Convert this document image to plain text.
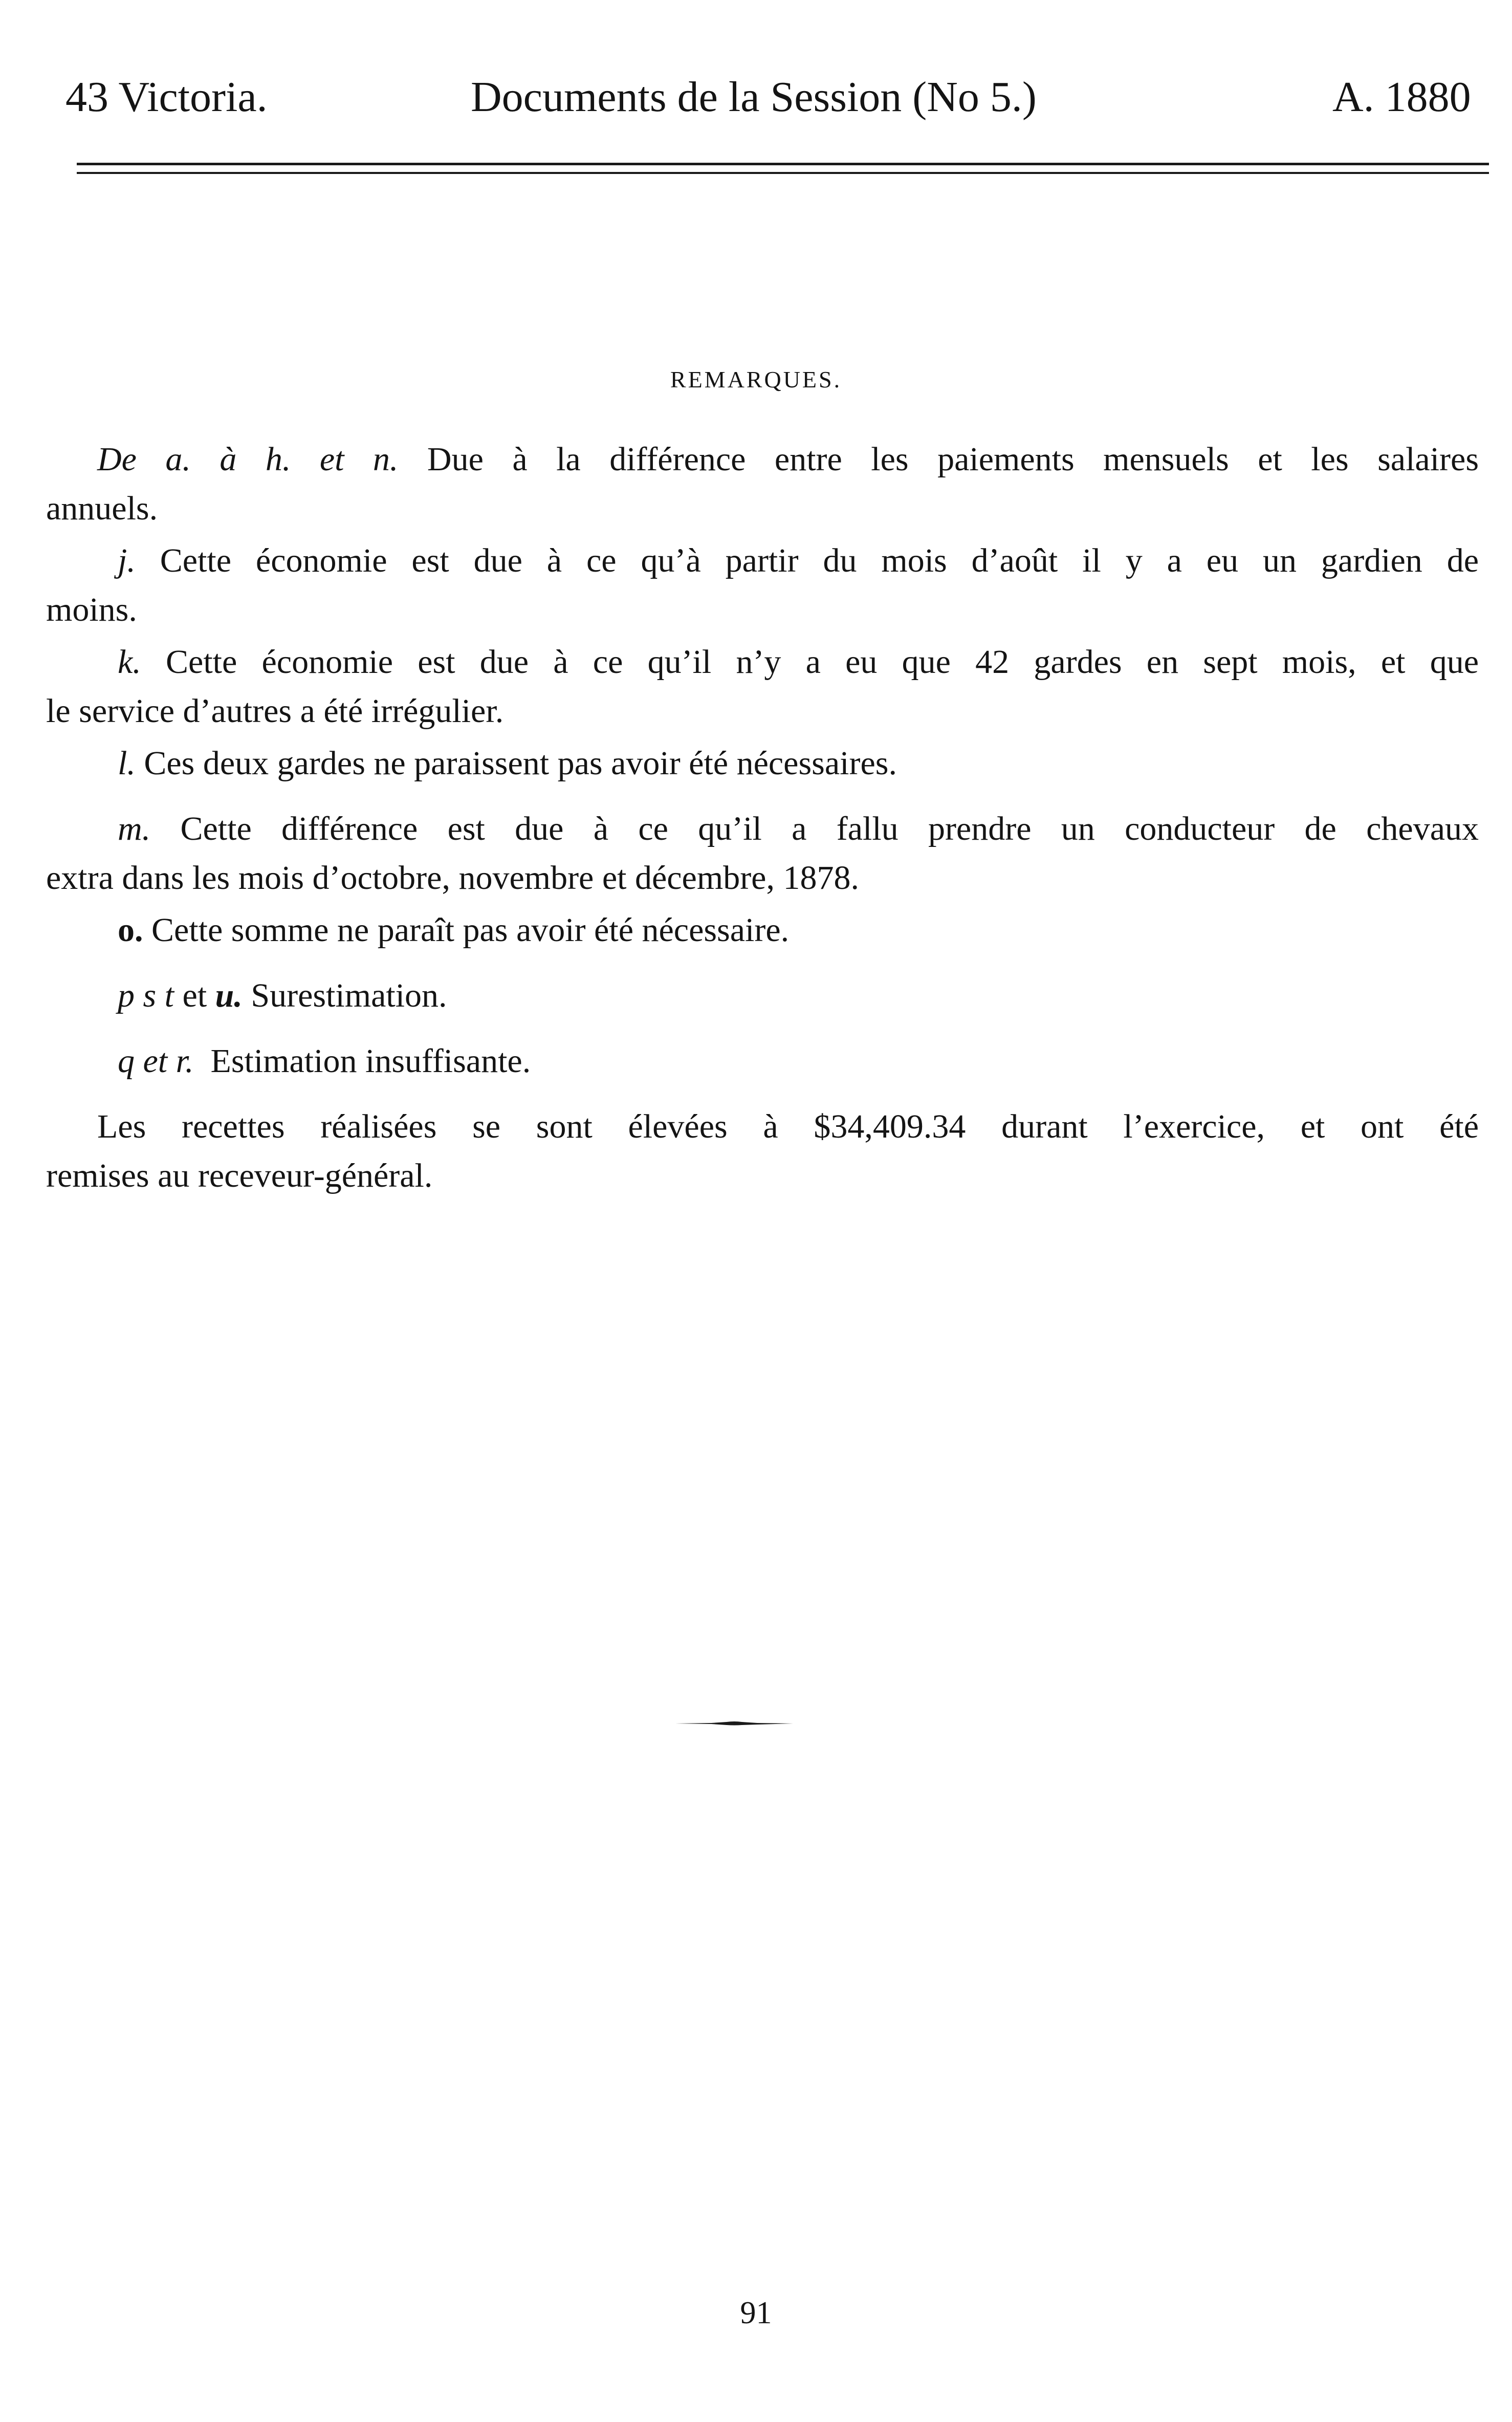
43 Victoria.	Documents de la Session (No 5.)	A. 1880
REMARQUES.
De a. à h. et n. Due à la différence entre les paiements mensuels et les salaires
annuels.
j. Cette économie est due à ce qu’à partir du mois d’août il y a eu un gardien de
moins.
k. Cette économie est due à ce qu’il n’y a eu que 42 gardes en sept mois, et que
le service d’autres a été irrégulier.
l. Ces deux gardes ne paraissent pas avoir été nécessaires.
m. Cette différence est due à ce qu’il a fallu prendre un conducteur de chevaux
extra dans les mois d’octobre, novembre et décembre, 1878.
o. Cette somme ne paraît pas avoir été nécessaire.
p s t et u. Surestimation.
q et r. Estimation insuffisante.
Les recettes réalisées se sont élevées à $34,409.34 durant l’exercice, et ont été
remises au receveur-général.
91
